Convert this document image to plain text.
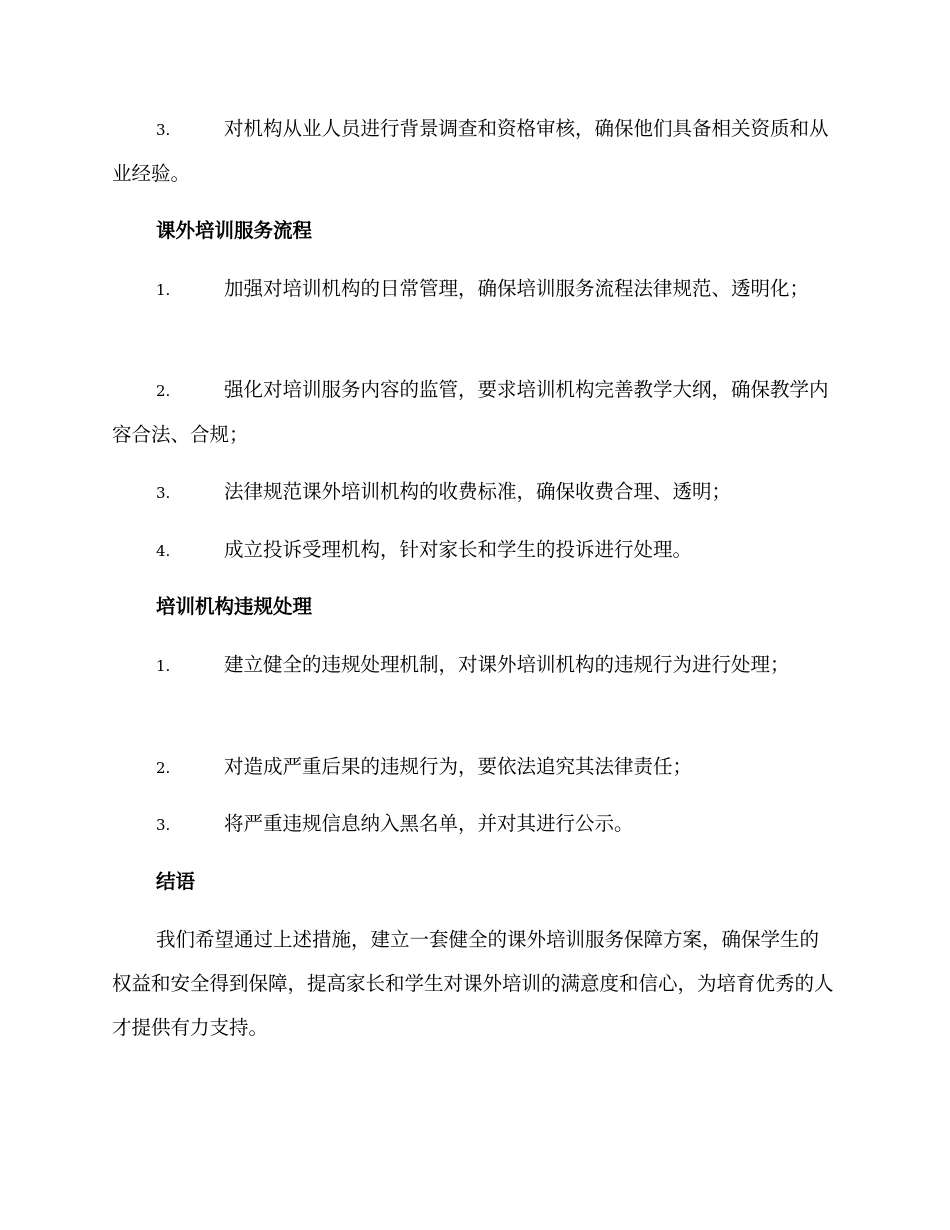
3.	对机构从业人员进行背景调查和资格审核，确保他们具备相关资质和从业经验。
课外培训服务流程
1.	加强对培训机构的日常管理，确保培训服务流程法律规范、透明化；
2.	强化对培训服务内容的监管，要求培训机构完善教学大纲，确保教学内容合法、合规；
3.	法律规范课外培训机构的收费标准，确保收费合理、透明；
4.	成立投诉受理机构，针对家长和学生的投诉进行处理。
培训机构违规处理
1.	建立健全的违规处理机制，对课外培训机构的违规行为进行处理；
2.	对造成严重后果的违规行为，要依法追究其法律责任；
3.	将严重违规信息纳入黑名单，并对其进行公示。
结语
我们希望通过上述措施，建立一套健全的课外培训服务保障方案，确保学生的权益和安全得到保障，提高家长和学生对课外培训的满意度和信心，为培育优秀的人才提供有力支持。
